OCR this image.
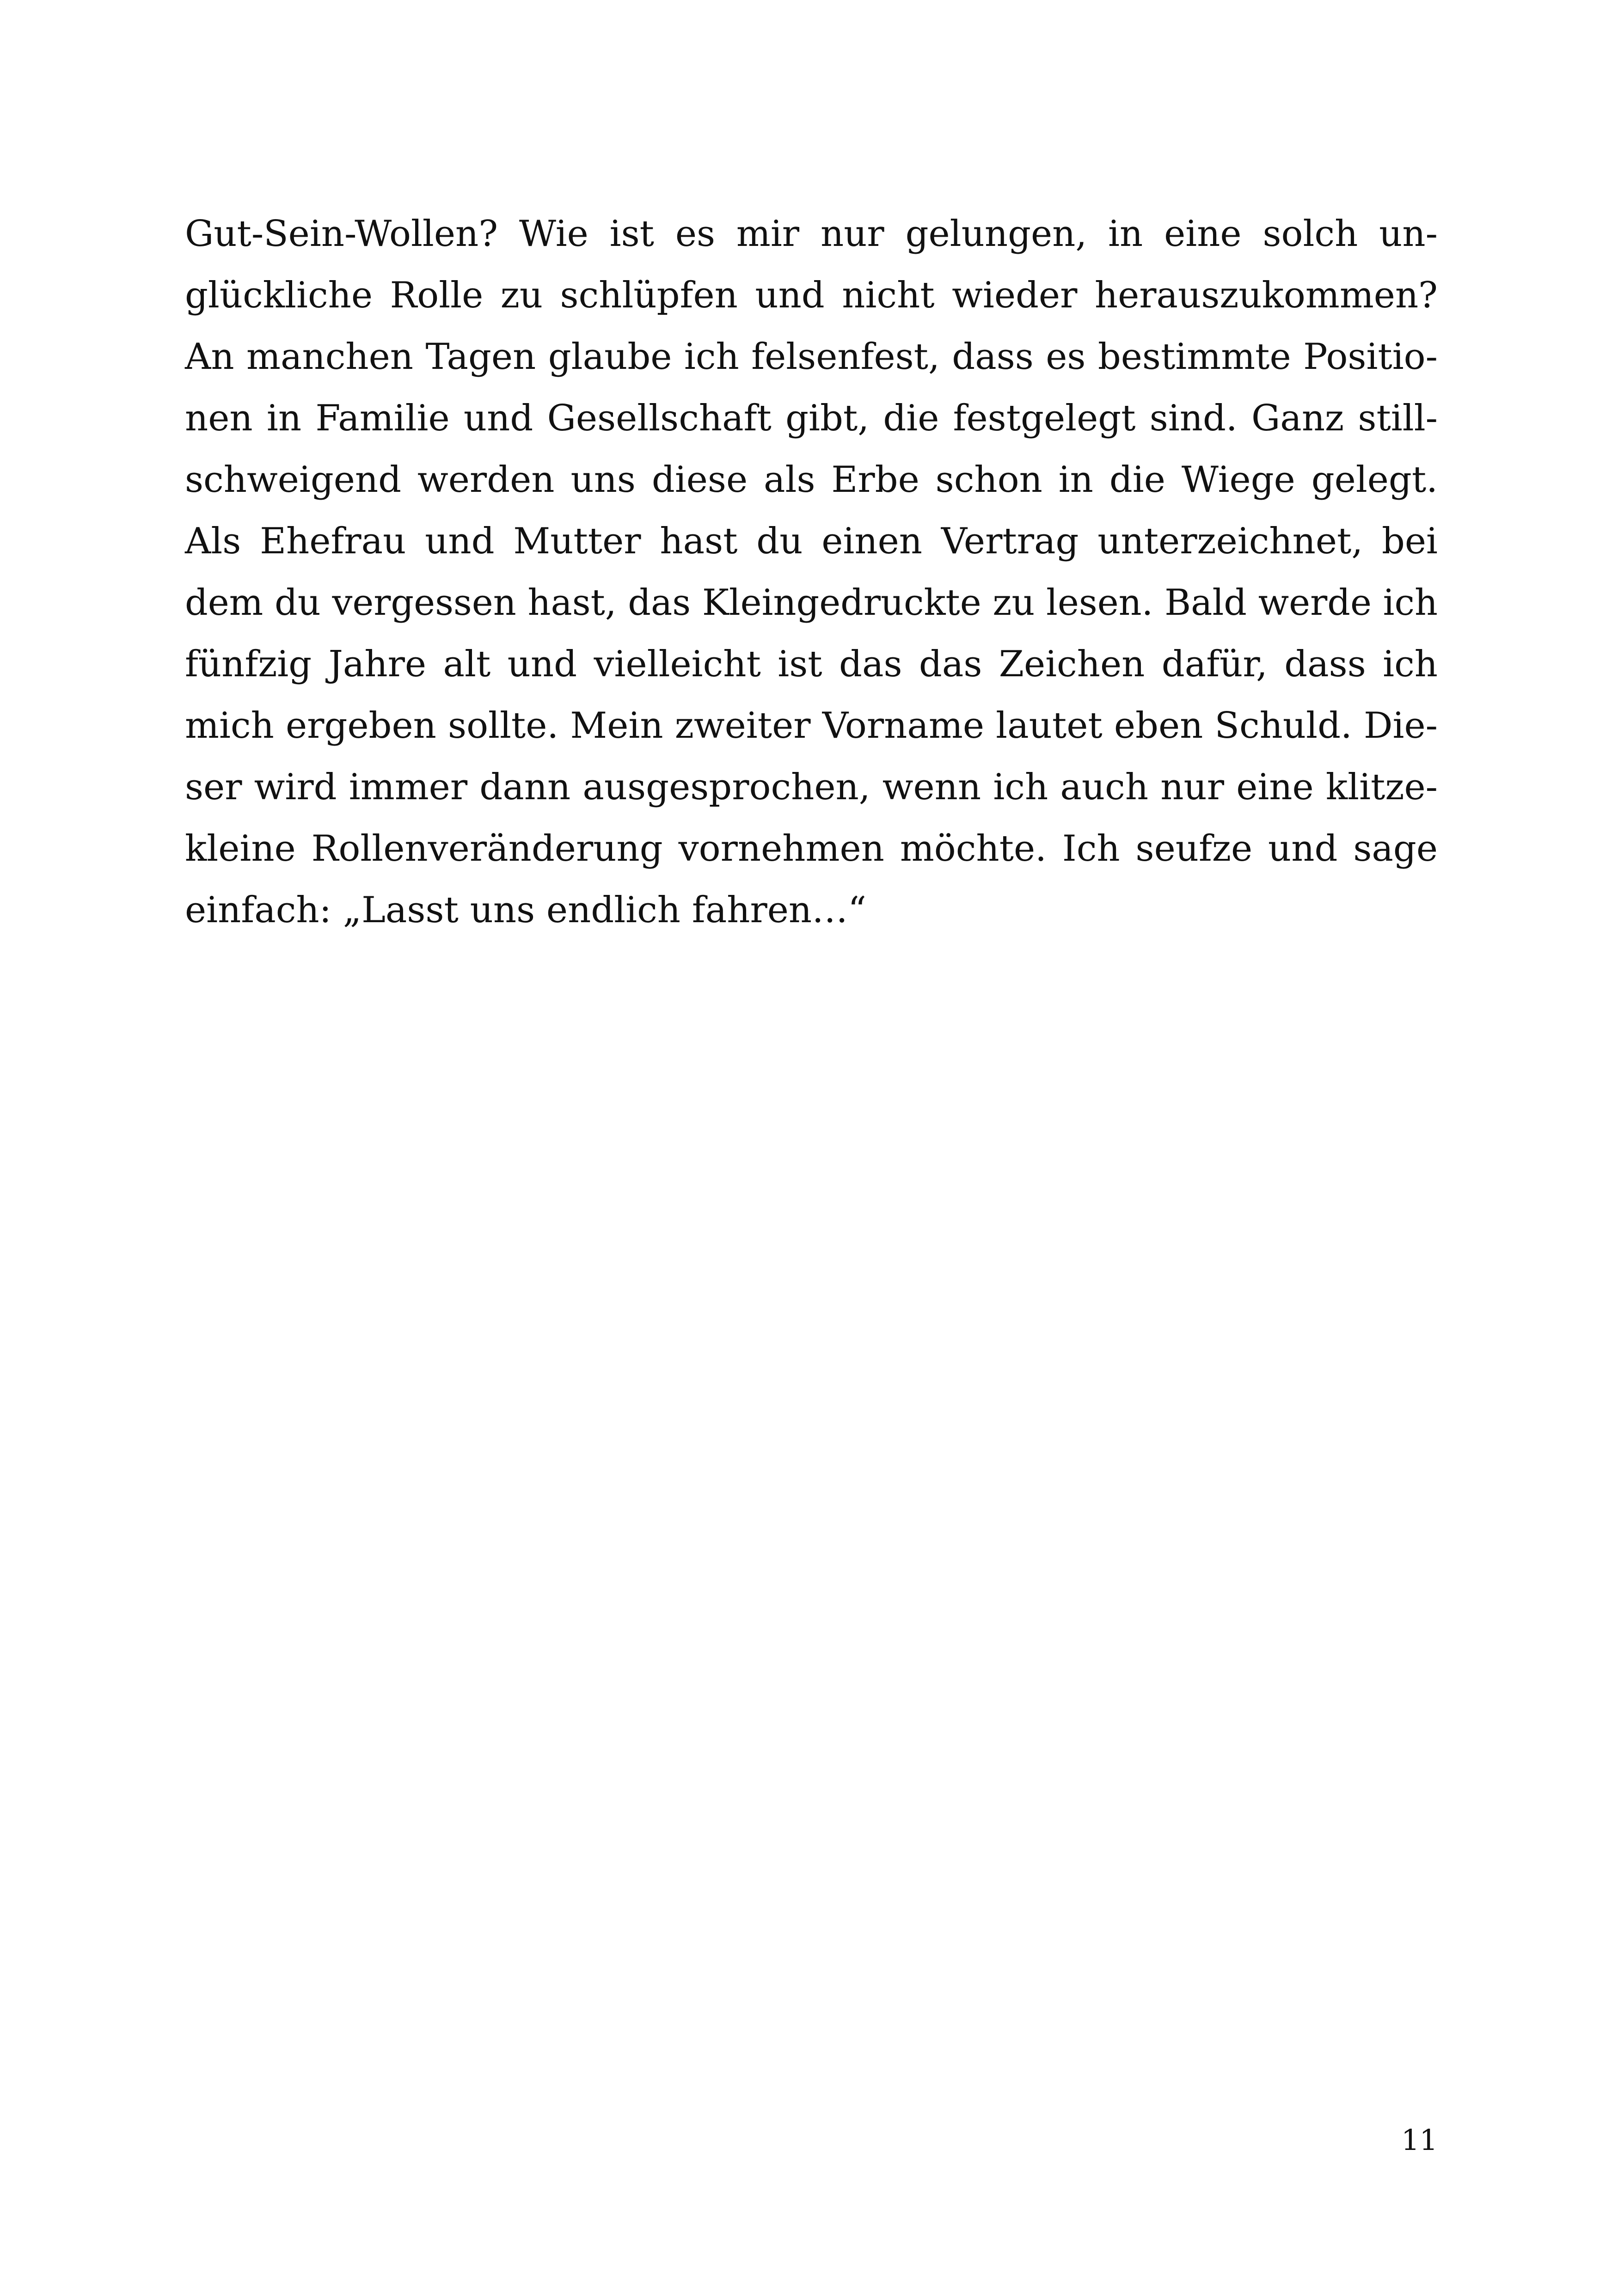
Gut-Sein-Wollen? Wie ist es mir nur gelungen, in eine solch un-
glückliche Rolle zu schlüpfen und nicht wieder herauszukommen?
An manchen Tagen glaube ich felsenfest, dass es bestimmte Positio-
nen in Familie und Gesellschaft gibt, die festgelegt sind. Ganz still-
schweigend werden uns diese als Erbe schon in die Wiege gelegt.
Als Ehefrau und Mutter hast du einen Vertrag unterzeichnet, bei
dem du vergessen hast, das Kleingedruckte zu lesen. Bald werde ich
fünfzig Jahre alt und vielleicht ist das das Zeichen dafür, dass ich
mich ergeben sollte. Mein zweiter Vorname lautet eben Schuld. Die-
ser wird immer dann ausgesprochen, wenn ich auch nur eine klitze-
kleine Rollenveränderung vornehmen möchte. Ich seufze und sage
einfach: „Lasst uns endlich fahren…“
11
